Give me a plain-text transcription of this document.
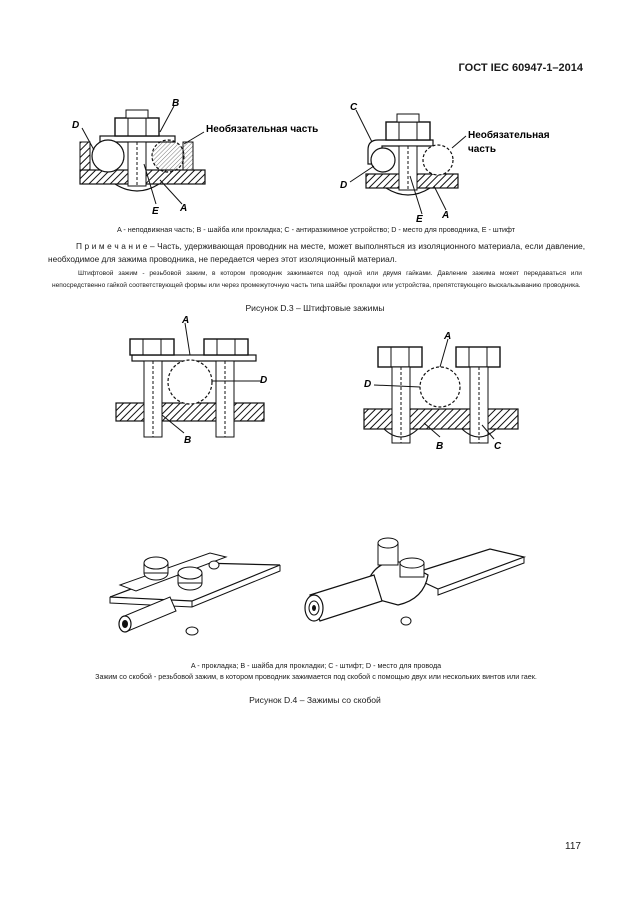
ГОСТ IEC 60947-1–2014
D
B
E A
Необязательная часть
C
D
E A
Необязательная
часть
A - неподвижная часть; B - шайба или прокладка; C - антиразжимное устройство; D - место для проводника, E - штифт
П р и м е ч а н и е – Часть, удерживающая проводник на месте, может выполняться из изоляционного материала, если давление, необходимое для зажима проводника, не передается через этот изоляционный материал.
Штифтовой зажим - резьбовой зажим, в котором проводник зажимается под одной или двумя гайками. Давление зажима может передаваться или непосредственно гайкой соответствующей формы или через промежуточную часть типа шайбы прокладки или устройства, препятствующего выскальзыванию проводника.
Рисунок D.3 – Штифтовые зажимы
A
D
B
A
D
B	C
A - прокладка; B - шайба для прокладки; C - штифт; D - место для провода
Зажим со скобой - резьбовой зажим, в котором проводник зажимается под скобой с помощью двух или нескольких винтов или гаек.
Рисунок D.4 – Зажимы со скобой
117
